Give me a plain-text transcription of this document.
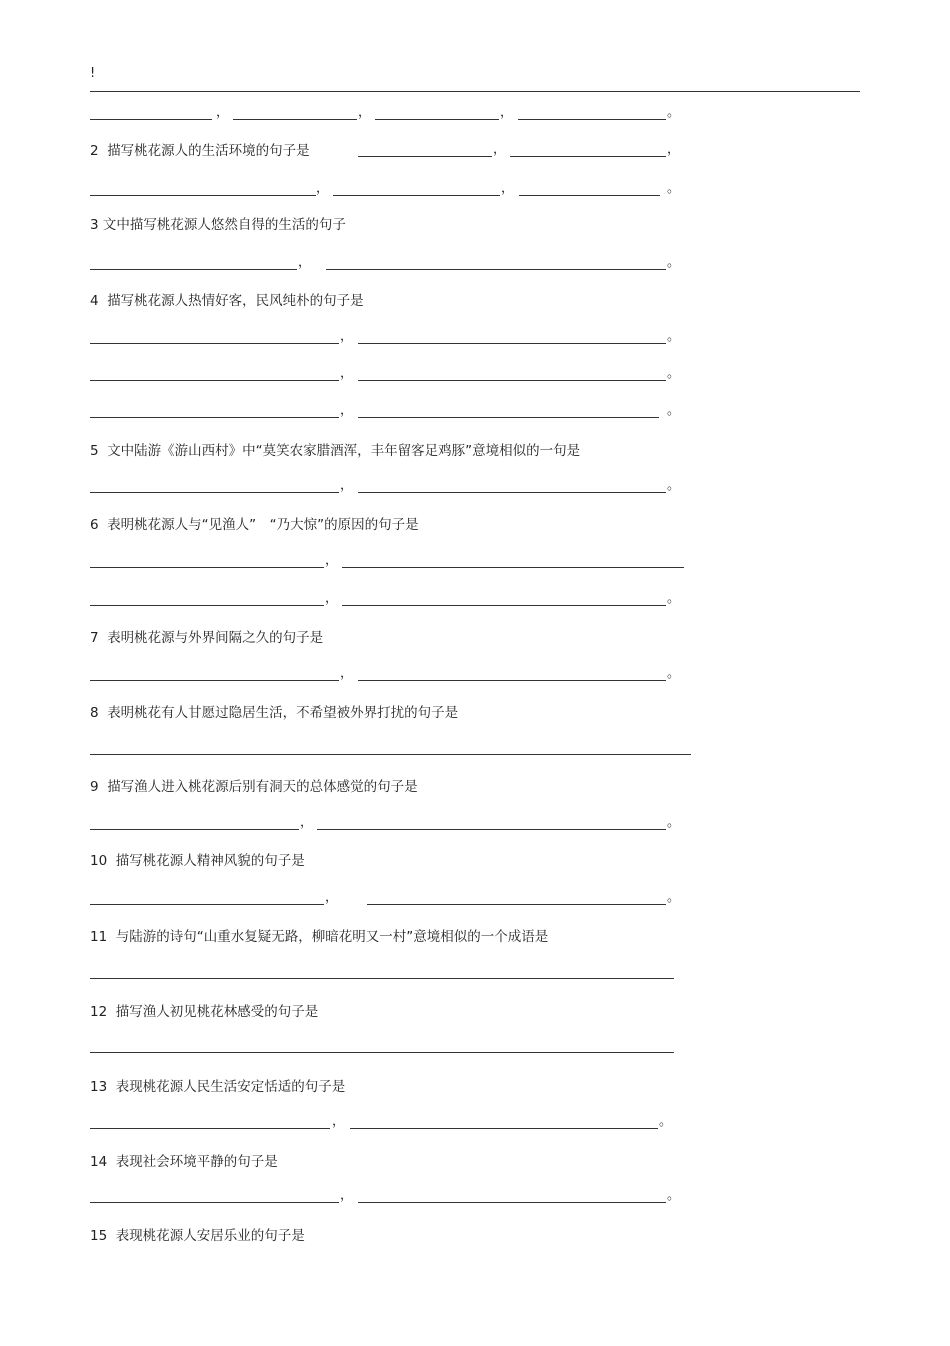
!
，	，	，	。
2 描写桃花源人的生活环境的句子是	，	，
，	，	。
3 文中描写桃花源人悠然自得的生活的句子
，	。
4 描写桃花源人热情好客，民风纯朴的句子是
，	。
，	。
，	。
5 文中陆游《游山西村》中“莫笑农家腊酒浑，丰年留客足鸡豚”意境相似的一句是
，	。
6 表明桃花源人与“见渔人”　“乃大惊”的原因的句子是
，
，	。
7 表明桃花源与外界间隔之久的句子是
，	。
8 表明桃花有人甘愿过隐居生活，不希望被外界打扰的句子是
9 描写渔人进入桃花源后别有洞天的总体感觉的句子是
，	。
10 描写桃花源人精神风貌的句子是
，	。
11 与陆游的诗句“山重水复疑无路，柳暗花明又一村”意境相似的一个成语是
12 描写渔人初见桃花林感受的句子是
13 表现桃花源人民生活安定恬适的句子是
，	。
14 表现社会环境平静的句子是
，	。
15 表现桃花源人安居乐业的句子是
